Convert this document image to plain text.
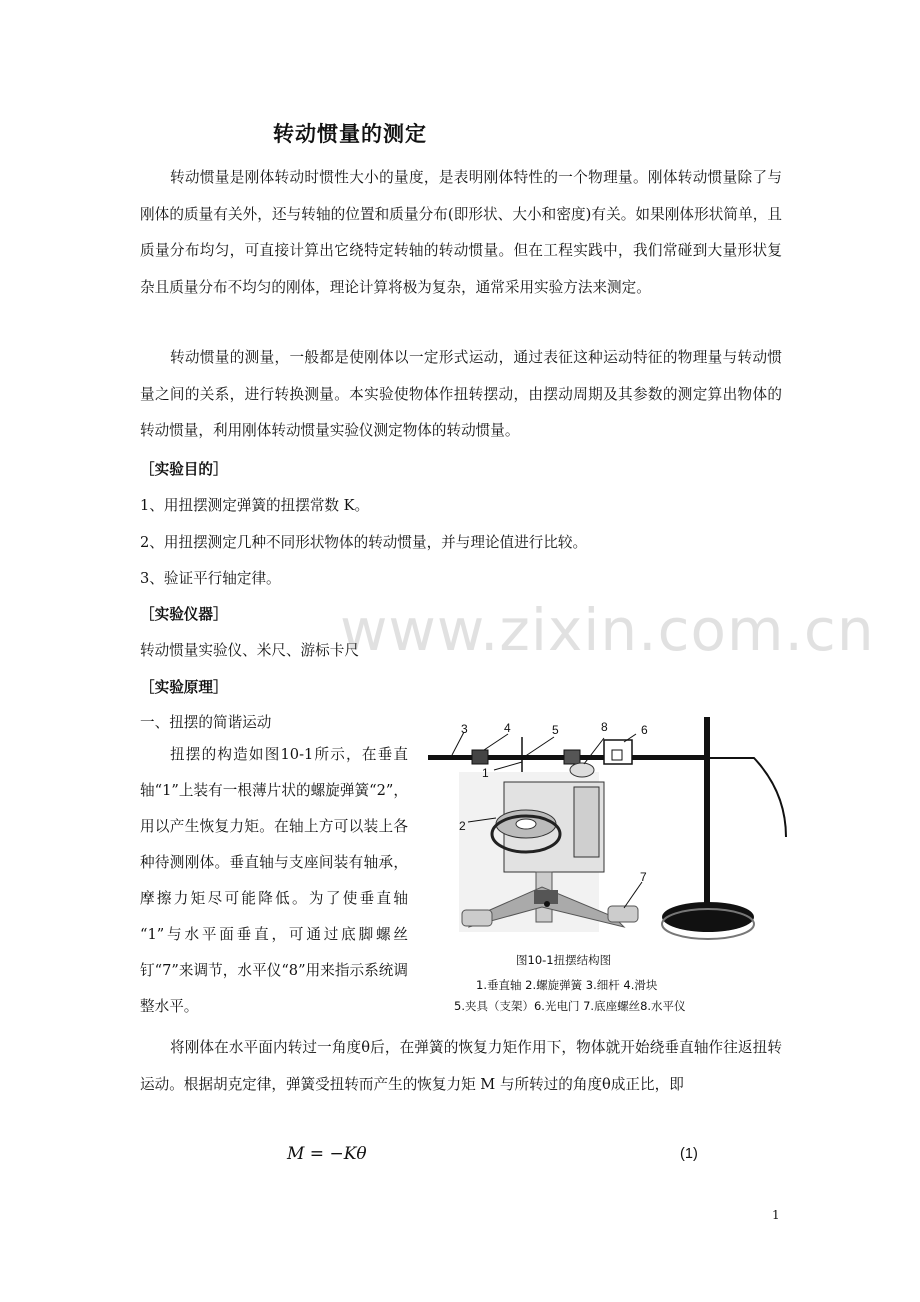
www.zixin.com.cn
转动惯量的测定
转动惯量是刚体转动时惯性大小的量度，是表明刚体特性的一个物理量。刚体转动惯量除了与刚体的质量有关外，还与转轴的位置和质量分布(即形状、大小和密度)有关。如果刚体形状简单，且质量分布均匀，可直接计算出它绕特定转轴的转动惯量。但在工程实践中，我们常碰到大量形状复杂且质量分布不均匀的刚体，理论计算将极为复杂，通常采用实验方法来测定。
转动惯量的测量，一般都是使刚体以一定形式运动，通过表征这种运动特征的物理量与转动惯量之间的关系，进行转换测量。本实验使物体作扭转摆动，由摆动周期及其参数的测定算出物体的转动惯量，利用刚体转动惯量实验仪测定物体的转动惯量。
［实验目的］
1、用扭摆测定弹簧的扭摆常数 K。
2、用扭摆测定几种不同形状物体的转动惯量，并与理论值进行比较。
3、验证平行轴定律。
［实验仪器］
转动惯量实验仪、米尺、游标卡尺
［实验原理］
一、扭摆的简谐运动
扭摆的构造如图10-1所示，在垂直轴“1”上装有一根薄片状的螺旋弹簧“2”，用以产生恢复力矩。在轴上方可以装上各种待测刚体。垂直轴与支座间装有轴承，摩擦力矩尽可能降低。为了使垂直轴 “1”与水平面垂直，可通过底脚螺丝钉“7”来调节，水平仪“8”用来指示系统调整水平。
3	4	5	8	6
1
2
7
图10-1扭摆结构图
1.垂直轴 2.螺旋弹簧 3.细杆 4.滑块
5.夹具（支架）6.光电门 7.底座螺丝8.水平仪
将刚体在水平面内转过一角度θ后，在弹簧的恢复力矩作用下，物体就开始绕垂直轴作往返扭转运动。根据胡克定律，弹簧受扭转而产生的恢复力矩 M 与所转过的角度θ成正比，即
M = −Kθ	(1)
1
